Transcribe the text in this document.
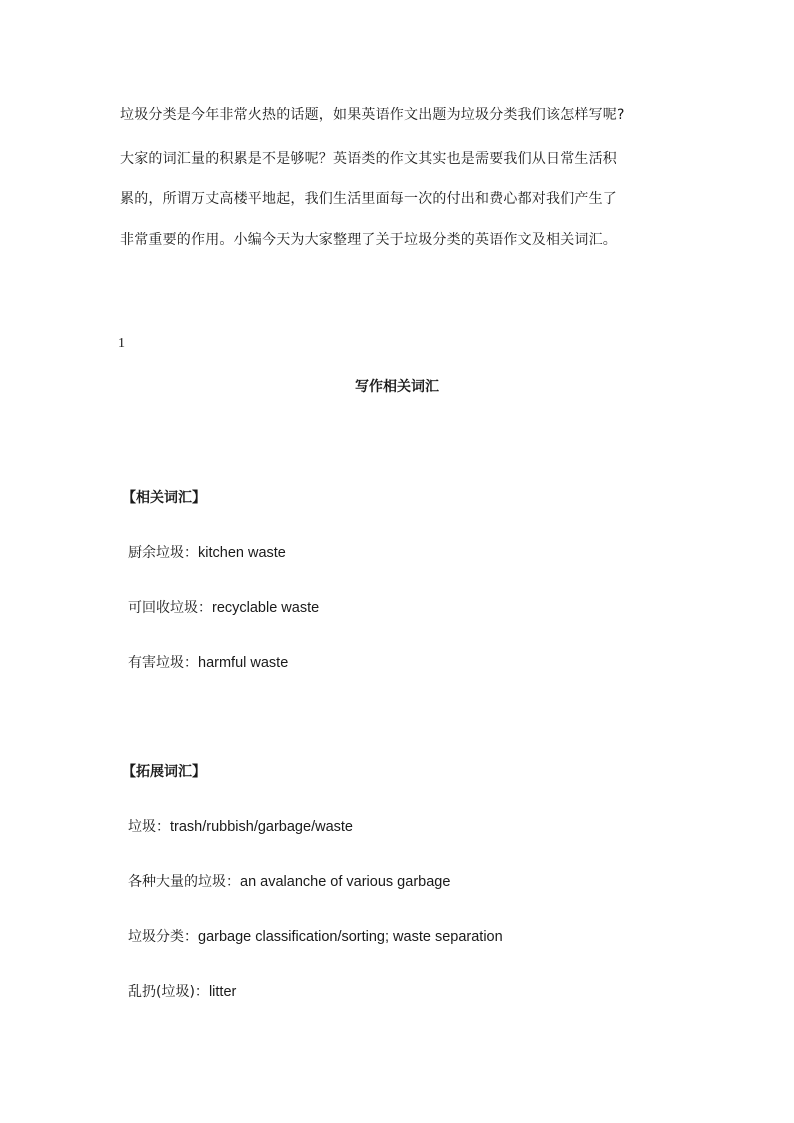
垃圾分类是今年非常火热的话题，如果英语作文出题为垃圾分类我们该怎样写呢?
大家的词汇量的积累是不是够呢？英语类的作文其实也是需要我们从日常生活积
累的，所谓万丈高楼平地起，我们生活里面每一次的付出和费心都对我们产生了
非常重要的作用。小编今天为大家整理了关于垃圾分类的英语作文及相关词汇。
1
写作相关词汇
【相关词汇】
厨余垃圾：kitchen waste
可回收垃圾：recyclable waste
有害垃圾：harmful waste
【拓展词汇】
垃圾：trash/rubbish/garbage/waste
各种大量的垃圾：an avalanche of various garbage
垃圾分类：garbage classification/sorting; waste separation
乱扔(垃圾)：litter
